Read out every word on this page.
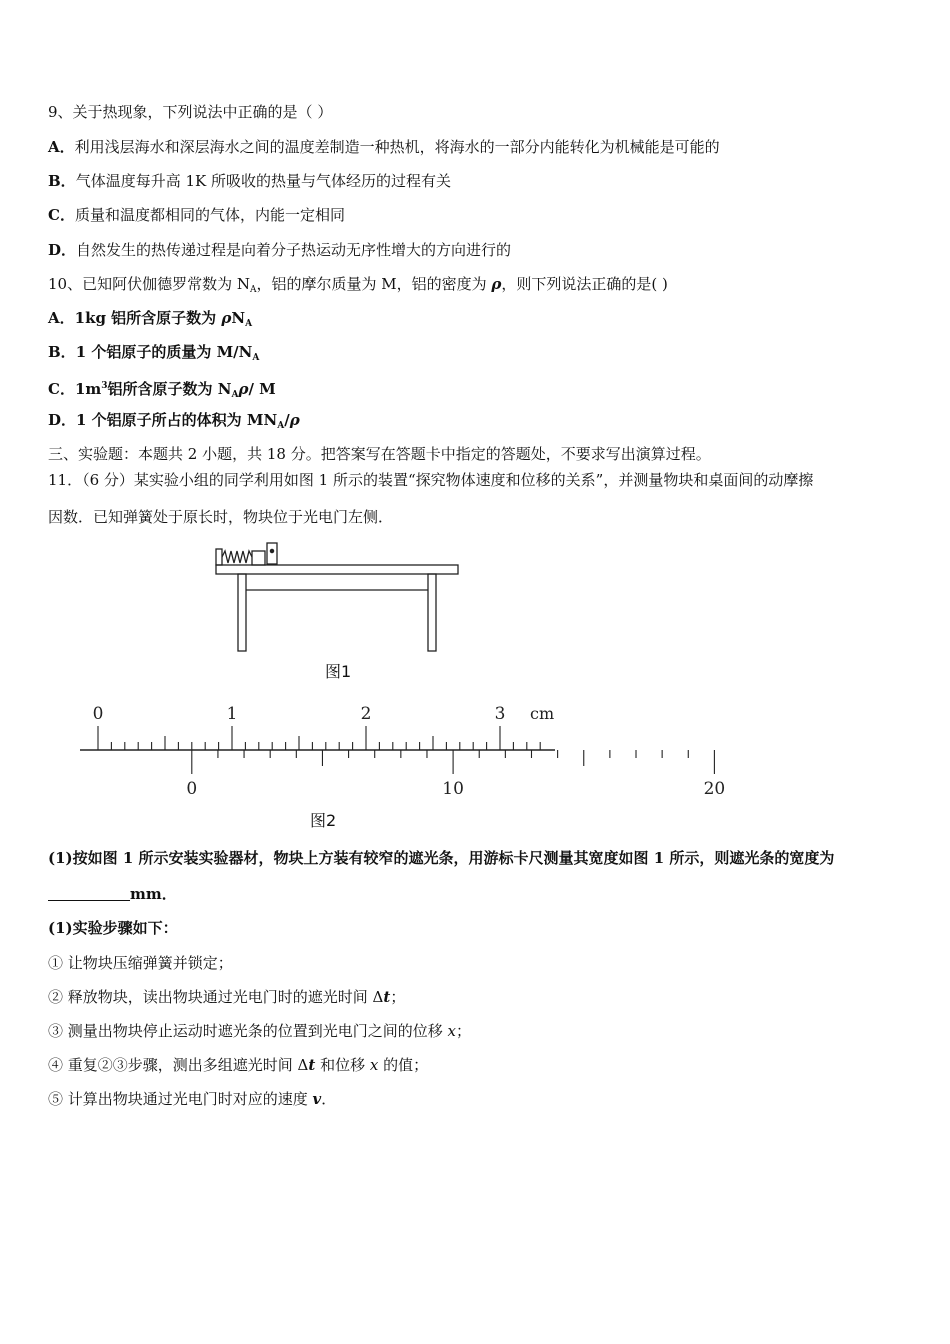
9、关于热现象，下列说法中正确的是（ ）
A．利用浅层海水和深层海水之间的温度差制造一种热机，将海水的一部分内能转化为机械能是可能的
B．气体温度每升高 1K 所吸收的热量与气体经历的过程有关
C．质量和温度都相同的气体，内能一定相同
D．自然发生的热传递过程是向着分子热运动无序性增大的方向进行的
10、已知阿伏伽德罗常数为 $N_A$，铝的摩尔质量为 M，铝的密度为 ρ，则下列说法正确的是( )
A．1kg 铝所含原子数为 $\rho N_A$
B．1 个铝原子的质量为 $M/N_A$
C．$1m^3$铝所含原子数为 $N_A\rho/$ M
D．1 个铝原子所占的体积为 $MN_A/\rho$
三、实验题：本题共 2 小题，共 18 分。把答案写在答题卡中指定的答题处，不要求写出演算过程。
11．（6 分）某实验小组的同学利用如图 1 所示的装置“探究物体速度和位移的关系”，并测量物块和桌面间的动摩擦
因数．已知弹簧处于原长时，物块位于光电门左侧．
图1
0	1	2	3 cm
0	10	20
图2
(1)按如图 1 所示安装实验器材，物块上方装有较窄的遮光条，用游标卡尺测量其宽度如图 1 所示，则遮光条的宽度为
mm．
(1)实验步骤如下：
① 让物块压缩弹簧并锁定；
② 释放物块，读出物块通过光电门时的遮光时间 Δt；
③ 测量出物块停止运动时遮光条的位置到光电门之间的位移 x；
④ 重复②③步骤，测出多组遮光时间 Δt 和位移 x 的值；
⑤ 计算出物块通过光电门时对应的速度 v．
